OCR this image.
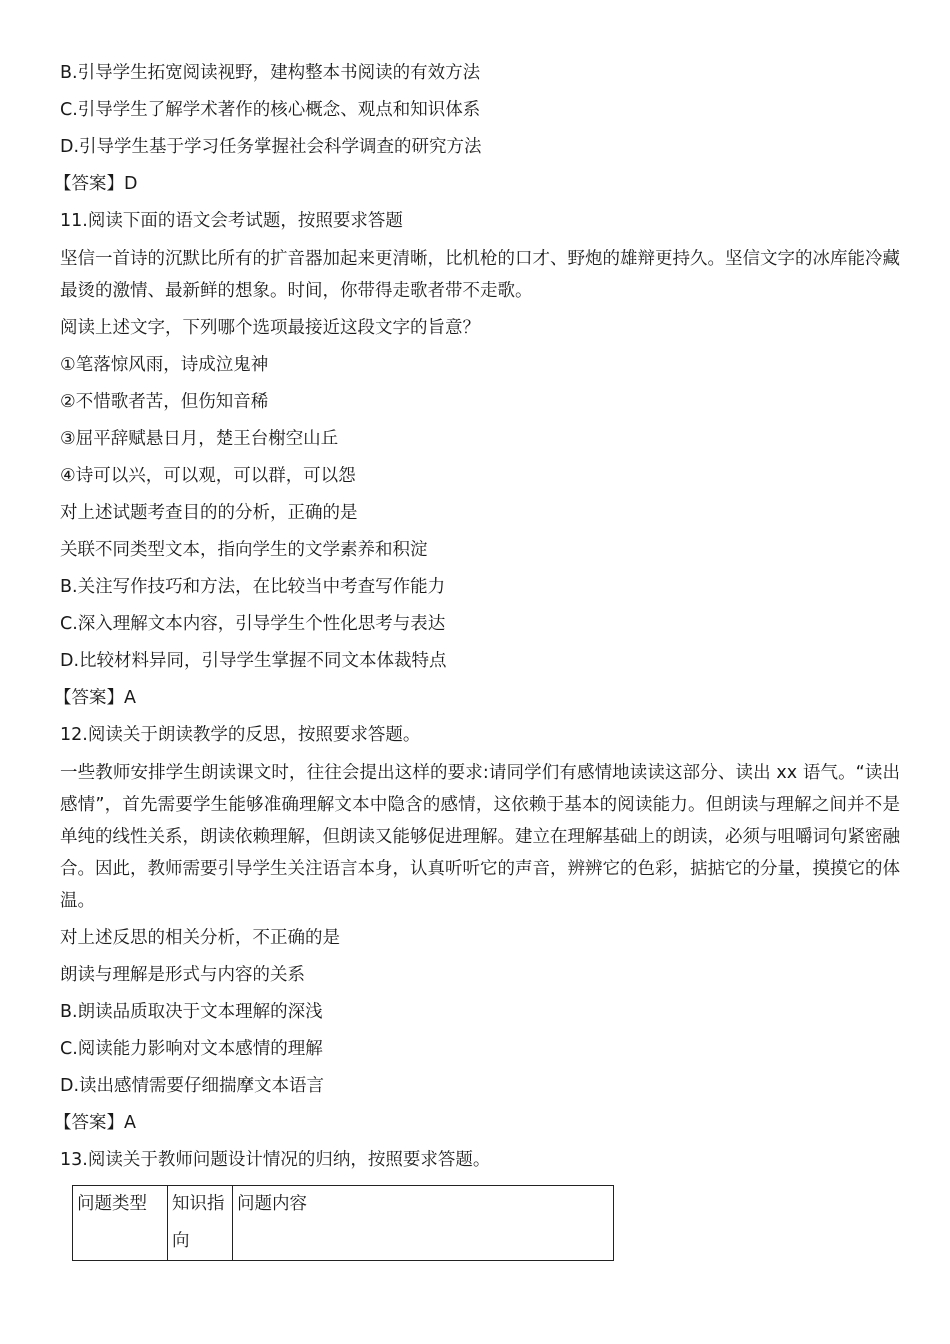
B.引导学生拓宽阅读视野，建构整本书阅读的有效方法

C.引导学生了解学术著作的核心概念、观点和知识体系

D.引导学生基于学习任务掌握社会科学调查的研究方法

【答案】D

11.阅读下面的语文会考试题，按照要求答题

坚信一首诗的沉默比所有的扩音器加起来更清晰，比机枪的口才、野炮的雄辩更持久。坚信文字的冰库能冷藏最烫的激情、最新鲜的想象。时间，你带得走歌者带不走歌。

阅读上述文字，下列哪个选项最接近这段文字的旨意？

①笔落惊风雨，诗成泣鬼神

②不惜歌者苦，但伤知音稀

③屈平辞赋悬日月，楚王台榭空山丘

④诗可以兴，可以观，可以群，可以怨

对上述试题考查目的的分析，正确的是

关联不同类型文本，指向学生的文学素养和积淀

B.关注写作技巧和方法，在比较当中考查写作能力

C.深入理解文本内容，引导学生个性化思考与表达

D.比较材料异同，引导学生掌握不同文本体裁特点

【答案】A

12.阅读关于朗读教学的反思，按照要求答题。

一些教师安排学生朗读课文时，往往会提出这样的要求:请同学们有感情地读读这部分、读出 xx 语气。“读出感情”，首先需要学生能够准确理解文本中隐含的感情，这依赖于基本的阅读能力。但朗读与理解之间并不是单纯的线性关系，朗读依赖理解，但朗读又能够促进理解。建立在理解基础上的朗读，必须与咀嚼词句紧密融合。因此，教师需要引导学生关注语言本身，认真听听它的声音，辨辨它的色彩，掂掂它的分量，摸摸它的体温。

对上述反思的相关分析，不正确的是

朗读与理解是形式与内容的关系

B.朗读品质取决于文本理解的深浅

C.阅读能力影响对文本感情的理解

D.读出感情需要仔细揣摩文本语言

【答案】A

13.阅读关于教师问题设计情况的归纳，按照要求答题。

问题类型	知识指向	问题内容
